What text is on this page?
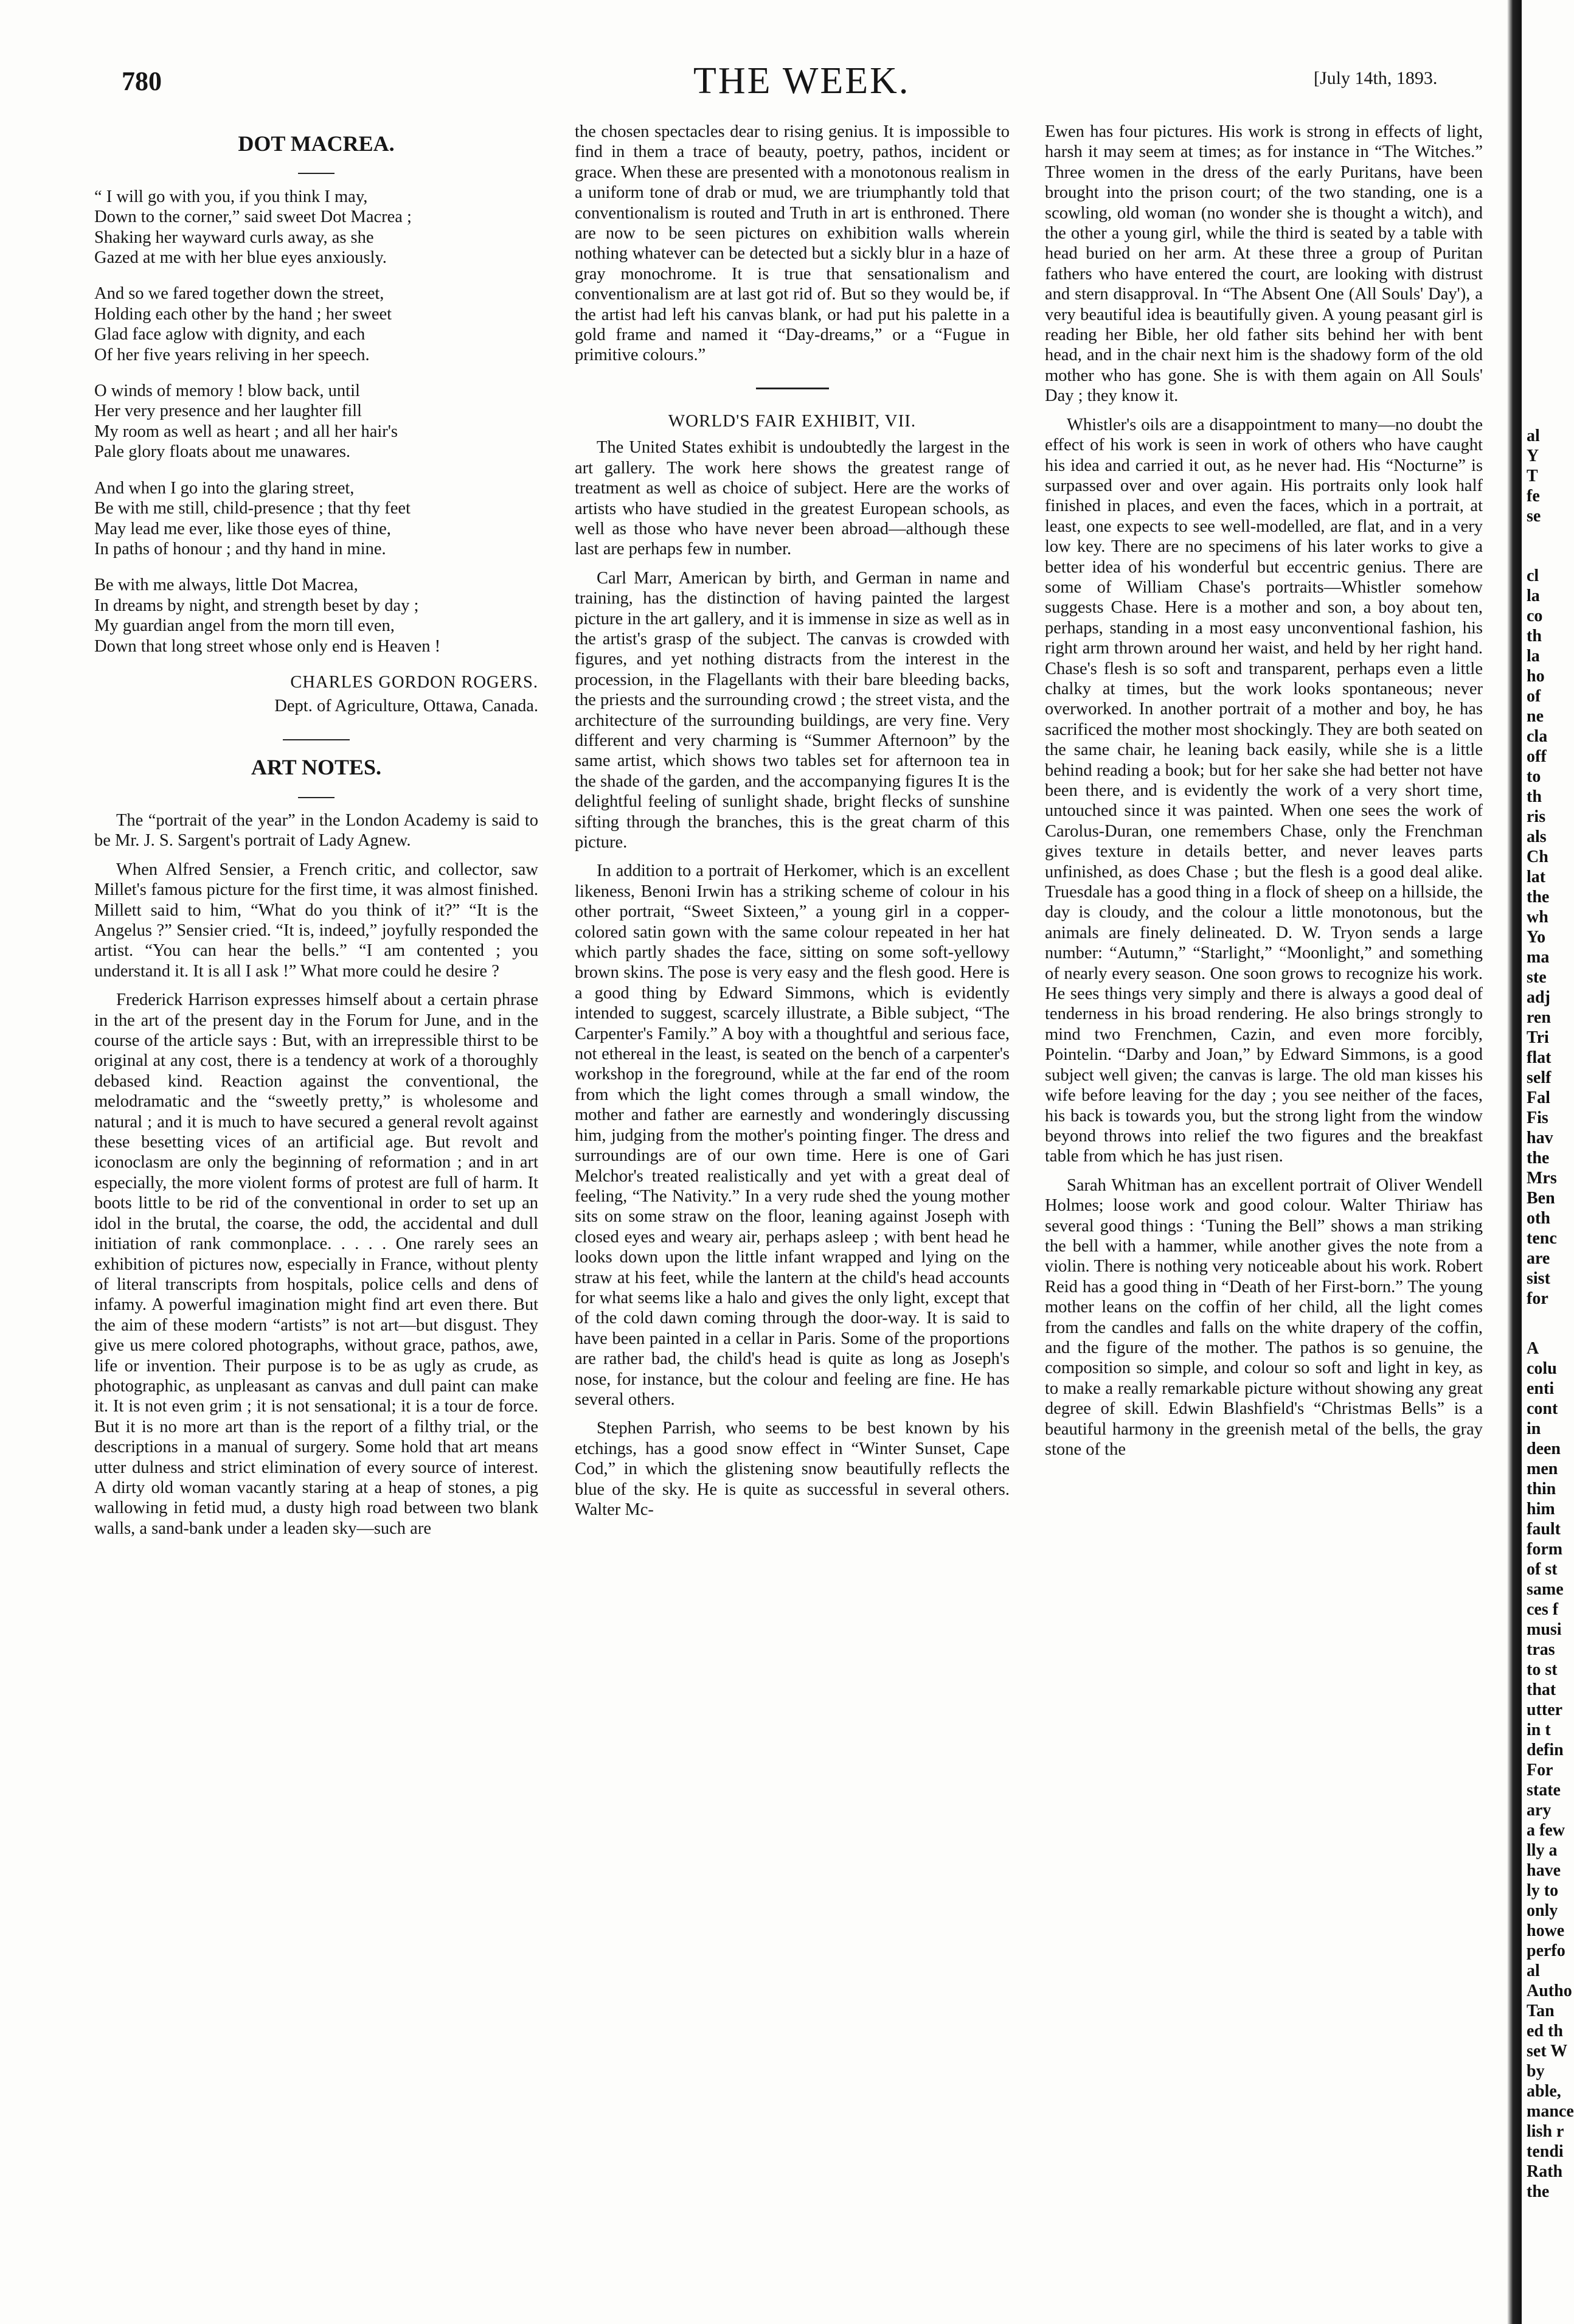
780	THE WEEK.	[July 14th, 1893.
DOT MACREA.

“ I will go with you, if you think I may,

Down to the corner,” said sweet Dot Macrea ;

Shaking her wayward curls away, as she

Gazed at me with her blue eyes anxiously.

And so we fared together down the street,

Holding each other by the hand ; her sweet

Glad face aglow with dignity, and each

Of her five years reliving in her speech.

O winds of memory ! blow back, until

Her very presence and her laughter fill

My room as well as heart ; and all her hair's

Pale glory floats about me unawares.

And when I go into the glaring street,

Be with me still, child-presence ; that thy feet

May lead me ever, like those eyes of thine,

In paths of honour ; and thy hand in mine.

Be with me always, little Dot Macrea,

In dreams by night, and strength beset by day ;

My guardian angel from the morn till even,

Down that long street whose only end is Heaven !

CHARLES GORDON ROGERS.
Dept. of Agriculture, Ottawa, Canada.
ART NOTES.

The “portrait of the year” in the London Academy is said to be Mr. J. S. Sargent's portrait of Lady Agnew.

When Alfred Sensier, a French critic, and collector, saw Millet's famous picture for the first time, it was almost finished. Millett said to him, “What do you think of it?” “It is the Angelus ?” Sensier cried. “It is, indeed,” joyfully responded the artist. “You can hear the bells.” “I am contented ; you understand it. It is all I ask !” What more could he desire ?

Frederick Harrison expresses himself about a certain phrase in the art of the present day in the Forum for June, and in the course of the article says : But, with an irrepressible thirst to be original at any cost, there is a tendency at work of a thoroughly debased kind. Reaction against the conventional, the melodramatic and the “sweetly pretty,” is wholesome and natural ; and it is much to have secured a general revolt against these besetting vices of an artificial age. But revolt and iconoclasm are only the beginning of reformation ; and in art especially, the more violent forms of protest are full of harm. It boots little to be rid of the conventional in order to set up an idol in the brutal, the coarse, the odd, the accidental and dull initiation of rank commonplace. . . . . One rarely sees an exhibition of pictures now, especially in France, without plenty of literal transcripts from hospitals, police cells and dens of infamy. A powerful imagination might find art even there. But the aim of these modern “artists” is not art—but disgust. They give us mere colored photographs, without grace, pathos, awe, life or invention. Their purpose is to be as ugly as crude, as photographic, as unpleasant as canvas and dull paint can make it. It is not even grim ; it is not sensational; it is a tour de force. But it is no more art than is the report of a filthy trial, or the descriptions in a manual of surgery. Some hold that art means utter dulness and strict elimination of every source of interest. A dirty old woman vacantly staring at a heap of stones, a pig wallowing in fetid mud, a dusty high road between two blank walls, a sand-bank under a leaden sky—such are

the chosen spectacles dear to rising genius. It is impossible to find in them a trace of beauty, poetry, pathos, incident or grace. When these are presented with a monotonous realism in a uniform tone of drab or mud, we are triumphantly told that conventionalism is routed and Truth in art is enthroned. There are now to be seen pictures on exhibition walls wherein nothing whatever can be detected but a sickly blur in a haze of gray monochrome. It is true that sensationalism and conventionalism are at last got rid of. But so they would be, if the artist had left his canvas blank, or had put his palette in a gold frame and named it “Day-dreams,” or a “Fugue in primitive colours.”

WORLD'S FAIR EXHIBIT, VII.

The United States exhibit is undoubtedly the largest in the art gallery. The work here shows the greatest range of treatment as well as choice of subject. Here are the works of artists who have studied in the greatest European schools, as well as those who have never been abroad—although these last are perhaps few in number.

Carl Marr, American by birth, and German in name and training, has the distinction of having painted the largest picture in the art gallery, and it is immense in size as well as in the artist's grasp of the subject. The canvas is crowded with figures, and yet nothing distracts from the interest in the procession, in the Flagellants with their bare bleeding backs, the priests and the surrounding crowd ; the street vista, and the architecture of the surrounding buildings, are very fine. Very different and very charming is “Summer Afternoon” by the same artist, which shows two tables set for afternoon tea in the shade of the garden, and the accompanying figures It is the delightful feeling of sunlight shade, bright flecks of sunshine sifting through the branches, this is the great charm of this picture.

In addition to a portrait of Herkomer, which is an excellent likeness, Benoni Irwin has a striking scheme of colour in his other portrait, “Sweet Sixteen,” a young girl in a copper-colored satin gown with the same colour repeated in her hat which partly shades the face, sitting on some soft-yellowy brown skins. The pose is very easy and the flesh good. Here is a good thing by Edward Simmons, which is evidently intended to suggest, scarcely illustrate, a Bible subject, “The Carpenter's Family.” A boy with a thoughtful and serious face, not ethereal in the least, is seated on the bench of a carpenter's workshop in the foreground, while at the far end of the room from which the light comes through a small window, the mother and father are earnestly and wonderingly discussing him, judging from the mother's pointing finger. The dress and surroundings are of our own time. Here is one of Gari Melchor's treated realistically and yet with a great deal of feeling, “The Nativity.” In a very rude shed the young mother sits on some straw on the floor, leaning against Joseph with closed eyes and weary air, perhaps asleep ; with bent head he looks down upon the little infant wrapped and lying on the straw at his feet, while the lantern at the child's head accounts for what seems like a halo and gives the only light, except that of the cold dawn coming through the door-way. It is said to have been painted in a cellar in Paris. Some of the proportions are rather bad, the child's head is quite as long as Joseph's nose, for instance, but the colour and feeling are fine. He has several others.

Stephen Parrish, who seems to be best known by his etchings, has a good snow effect in “Winter Sunset, Cape Cod,” in which the glistening snow beautifully reflects the blue of the sky. He is quite as successful in several others. Walter Mc-

Ewen has four pictures. His work is strong in effects of light, harsh it may seem at times; as for instance in “The Witches.” Three women in the dress of the early Puritans, have been brought into the prison court; of the two standing, one is a scowling, old woman (no wonder she is thought a witch), and the other a young girl, while the third is seated by a table with head buried on her arm. At these three a group of Puritan fathers who have entered the court, are looking with distrust and stern disapproval. In “The Absent One (All Souls' Day'), a very beautiful idea is beautifully given. A young peasant girl is reading her Bible, her old father sits behind her with bent head, and in the chair next him is the shadowy form of the old mother who has gone. She is with them again on All Souls' Day ; they know it.

Whistler's oils are a disappointment to many—no doubt the effect of his work is seen in work of others who have caught his idea and carried it out, as he never had. His “Nocturne” is surpassed over and over again. His portraits only look half finished in places, and even the faces, which in a portrait, at least, one expects to see well-modelled, are flat, and in a very low key. There are no specimens of his later works to give a better idea of his wonderful but eccentric genius. There are some of William Chase's portraits—Whistler somehow suggests Chase. Here is a mother and son, a boy about ten, perhaps, standing in a most easy unconventional fashion, his right arm thrown around her waist, and held by her right hand. Chase's flesh is so soft and transparent, perhaps even a little chalky at times, but the work looks spontaneous; never overworked. In another portrait of a mother and boy, he has sacrificed the mother most shockingly. They are both seated on the same chair, he leaning back easily, while she is a little behind reading a book; but for her sake she had better not have been there, and is evidently the work of a very short time, untouched since it was painted. When one sees the work of Carolus-Duran, one remembers Chase, only the Frenchman gives texture in details better, and never leaves parts unfinished, as does Chase ; but the flesh is a good deal alike. Truesdale has a good thing in a flock of sheep on a hillside, the day is cloudy, and the colour a little monotonous, but the animals are finely delineated. D. W. Tryon sends a large number: “Autumn,” “Starlight,” “Moonlight,” and something of nearly every season. One soon grows to recognize his work. He sees things very simply and there is always a good deal of tenderness in his broad rendering. He also brings strongly to mind two Frenchmen, Cazin, and even more forcibly, Pointelin. “Darby and Joan,” by Edward Simmons, is a good subject well given; the canvas is large. The old man kisses his wife before leaving for the day ; you see neither of the faces, his back is towards you, but the strong light from the window beyond throws into relief the two figures and the breakfast table from which he has just risen.

Sarah Whitman has an excellent portrait of Oliver Wendell Holmes; loose work and good colour. Walter Thiriaw has several good things : ‘Tuning the Bell” shows a man striking the bell with a hammer, while another gives the note from a violin. There is nothing very noticeable about his work. Robert Reid has a good thing in “Death of her First-born.” The young mother leans on the coffin of her child, all the light comes from the candles and falls on the white drapery of the coffin, and the figure of the mother. The pathos is so genuine, the composition so simple, and colour so soft and light in key, as to make a really remarkable picture without showing any great degree of skill. Edwin Blashfield's “Christmas Bells” is a beautiful harmony in the greenish metal of the bells, the gray stone of the

al
Y
T
fe
se
cl
la
co
th
la
ho
of
ne
cla
off
to
th
ris
als
Ch
lat
the
wh
Yo
ma
ste
adj
ren
Tri
flat
self
Fal
Fis
hav
the
Mrs
Ben
oth
tenc
are
sist
for
A
colu
enti
cont
in
deen
men
thin
him
fault
form
of st
same
ces f
musi
tras
to st
that
utter
in t
defin
For
state
ary
a few
lly a
have
ly to
only
howe
perfo
al
Autho
Tan
ed th
set W
by
able,
mance
lish r
tendi
Rath
the
